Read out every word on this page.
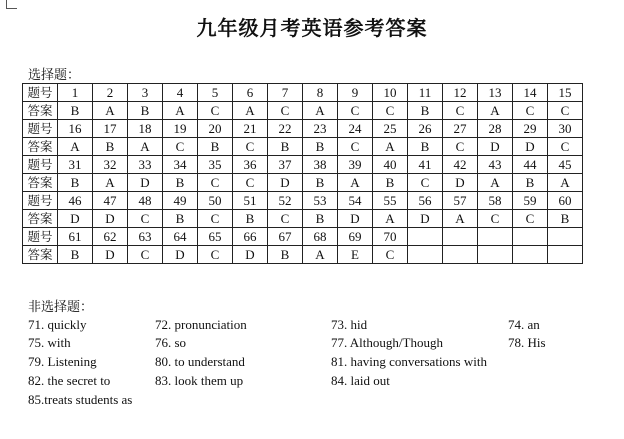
九年级月考英语参考答案
选择题：
题号	1	2	3	4	5	6	7	8	9	10	11	12	13	14	15
答案	B	A	B	A	C	A	C	A	C	C	B	C	A	C	C
题号	16	17	18	19	20	21	22	23	24	25	26	27	28	29	30
答案	A	B	A	C	B	C	B	B	C	A	B	C	D	D	C
题号	31	32	33	34	35	36	37	38	39	40	41	42	43	44	45
答案	B	A	D	B	C	C	D	B	A	B	C	D	A	B	A
题号	46	47	48	49	50	51	52	53	54	55	56	57	58	59	60
答案	D	D	C	B	C	B	C	B	D	A	D	A	C	C	B
题号	61	62	63	64	65	66	67	68	69	70					
答案	B	D	C	D	C	D	B	A	E	C					
非选择题：
71. quickly	72. pronunciation	73. hid	74. an
75. with	76. so	77. Although/Though	78. His
79. Listening	80. to understand	81. having conversations with
82. the secret to	83. look them up	84. laid out
85.treats students as
